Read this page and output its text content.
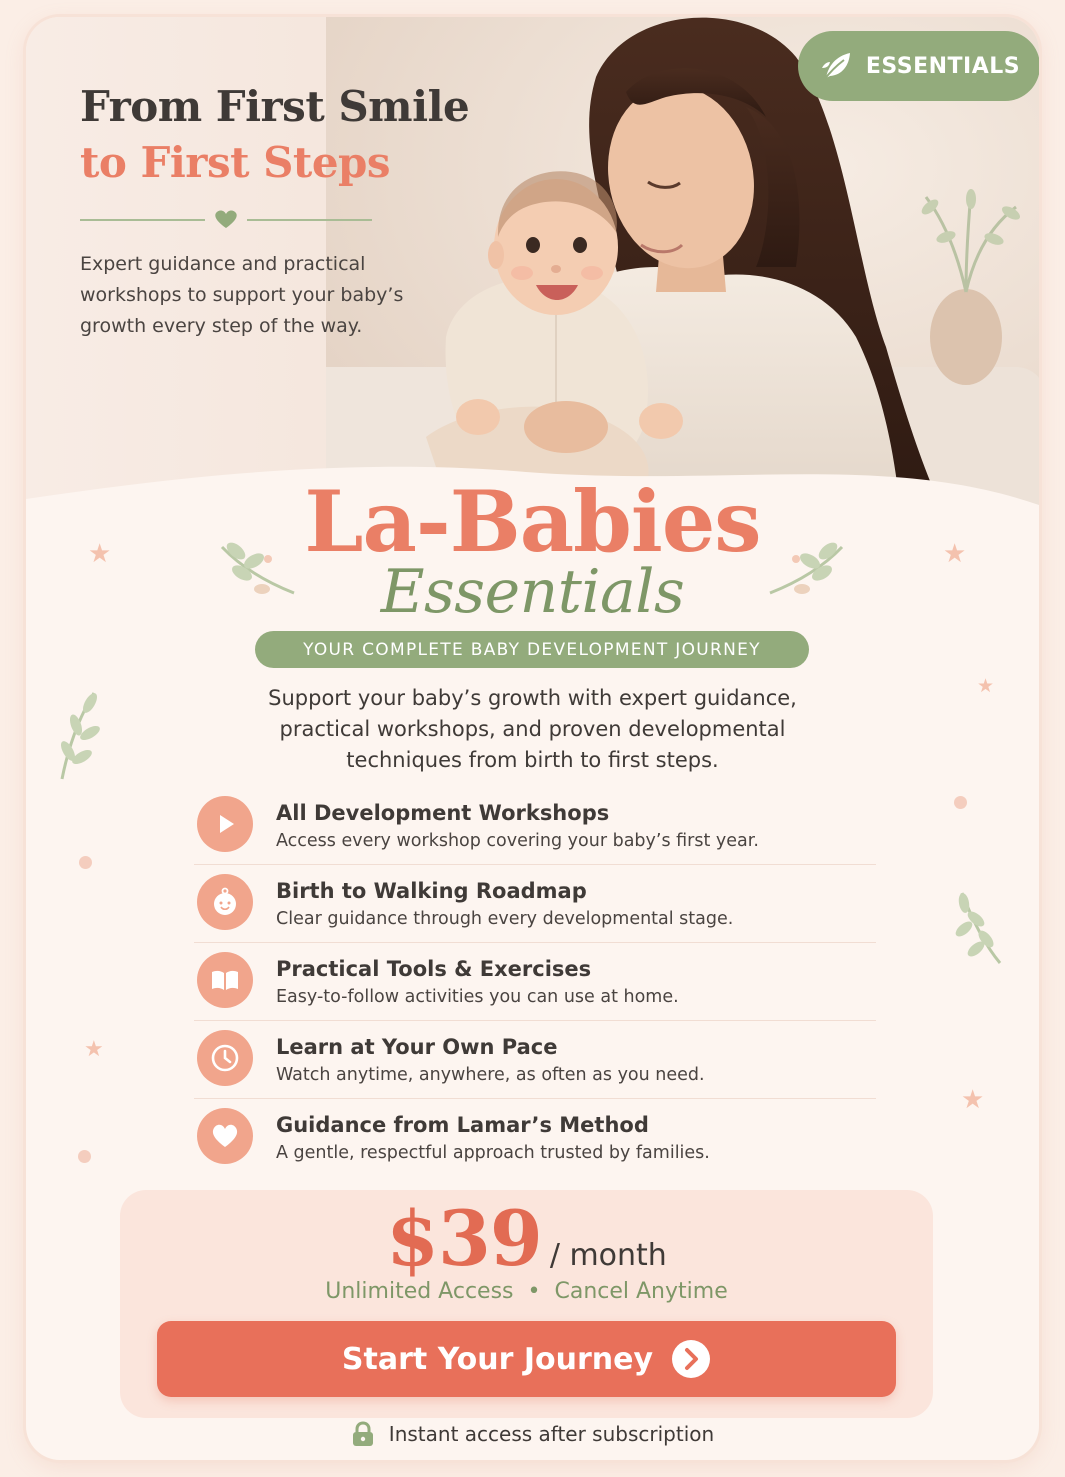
From First Smile
to First Steps

Expert guidance and practical workshops to support your baby’s growth every step of the way.

ESSENTIALS
★	★
★
★
★
La-Babies
Essentials
YOUR COMPLETE BABY DEVELOPMENT JOURNEY

Support your baby’s growth with expert guidance, practical workshops, and proven developmental techniques from birth to first steps.

All Development Workshops
Access every workshop covering your baby’s first year.
Birth to Walking Roadmap
Clear guidance through every developmental stage.
Practical Tools & Exercises
Easy-to-follow activities you can use at home.
Learn at Your Own Pace
Watch anytime, anywhere, as often as you need.
Guidance from Lamar’s Method
A gentle, respectful approach trusted by families.
$39 / month
Unlimited Access • Cancel Anytime
Start Your Journey
Instant access after subscription
